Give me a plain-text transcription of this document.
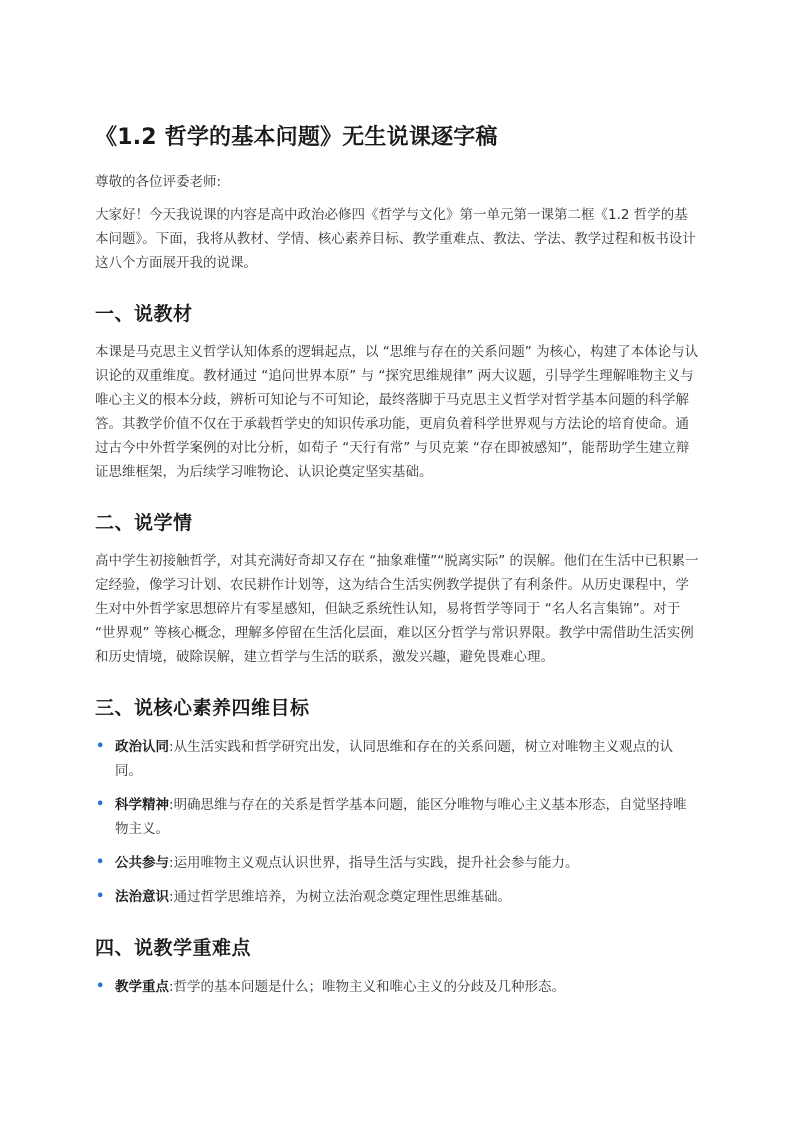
《1.2 哲学的基本问题》无生说课逐字稿

尊敬的各位评委老师:

大家好！今天我说课的内容是高中政治必修四《哲学与文化》第一单元第一课第二框《1.2 哲学的基本问题》。下面，我将从教材、学情、核心素养目标、教学重难点、教法、学法、教学过程和板书设计这八个方面展开我的说课。

一、说教材

本课是马克思主义哲学认知体系的逻辑起点，以 “思维与存在的关系问题” 为核心，构建了本体论与认识论的双重维度。教材通过 “追问世界本原” 与 “探究思维规律” 两大议题，引导学生理解唯物主义与唯心主义的根本分歧，辨析可知论与不可知论，最终落脚于马克思主义哲学对哲学基本问题的科学解答。其教学价值不仅在于承载哲学史的知识传承功能，更肩负着科学世界观与方法论的培育使命。通过古今中外哲学案例的对比分析，如荀子 “天行有常” 与贝克莱 “存在即被感知”，能帮助学生建立辩证思维框架，为后续学习唯物论、认识论奠定坚实基础。

二、说学情

高中学生初接触哲学，对其充满好奇却又存在 “抽象难懂”“脱离实际” 的误解。他们在生活中已积累一定经验，像学习计划、农民耕作计划等，这为结合生活实例教学提供了有利条件。从历史课程中，学生对中外哲学家思想碎片有零星感知，但缺乏系统性认知，易将哲学等同于 “名人名言集锦”。对于 “世界观” 等核心概念，理解多停留在生活化层面，难以区分哲学与常识界限。教学中需借助生活实例和历史情境，破除误解，建立哲学与生活的联系，激发兴趣，避免畏难心理。

三、说核心素养四维目标
• 政治认同:从生活实践和哲学研究出发，认同思维和存在的关系问题，树立对唯物主义观点的认同。
• 科学精神:明确思维与存在的关系是哲学基本问题，能区分唯物与唯心主义基本形态，自觉坚持唯物主义。
• 公共参与:运用唯物主义观点认识世界，指导生活与实践，提升社会参与能力。
• 法治意识:通过哲学思维培养，为树立法治观念奠定理性思维基础。
四、说教学重难点
• 教学重点:哲学的基本问题是什么；唯物主义和唯心主义的分歧及几种形态。
